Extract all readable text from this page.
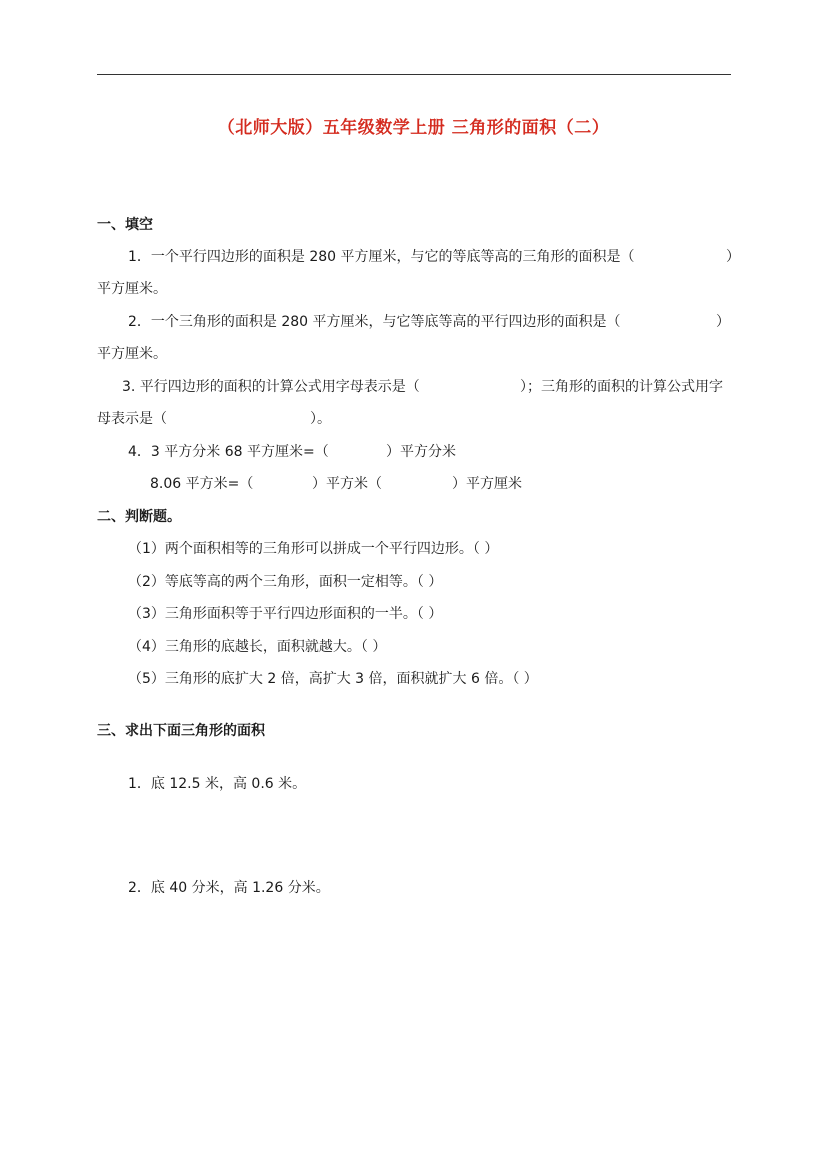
（北师大版）五年级数学上册 三角形的面积（二）
一、填空
1．一个平行四边形的面积是 280 平方厘米，与它的等底等高的三角形的面积是（	）
平方厘米。
2．一个三角形的面积是 280 平方厘米，与它等底等高的平行四边形的面积是（	）
平方厘米。
3. 平行四边形的面积的计算公式用字母表示是（	）；三角形的面积的计算公式用字
母表示是（	）。
4．3 平方分米 68 平方厘米=（	）平方分米
8.06 平方米=（	）平方米（	）平方厘米
二、判断题。
（1）两个面积相等的三角形可以拼成一个平行四边形。（ ）
（2）等底等高的两个三角形，面积一定相等。（ ）
（3）三角形面积等于平行四边形面积的一半。（ ）
（4）三角形的底越长，面积就越大。（ ）
（5）三角形的底扩大 2 倍，高扩大 3 倍，面积就扩大 6 倍。（ ）
三、求出下面三角形的面积
1．底 12.5 米，高 0.6 米。
2．底 40 分米，高 1.26 分米。
